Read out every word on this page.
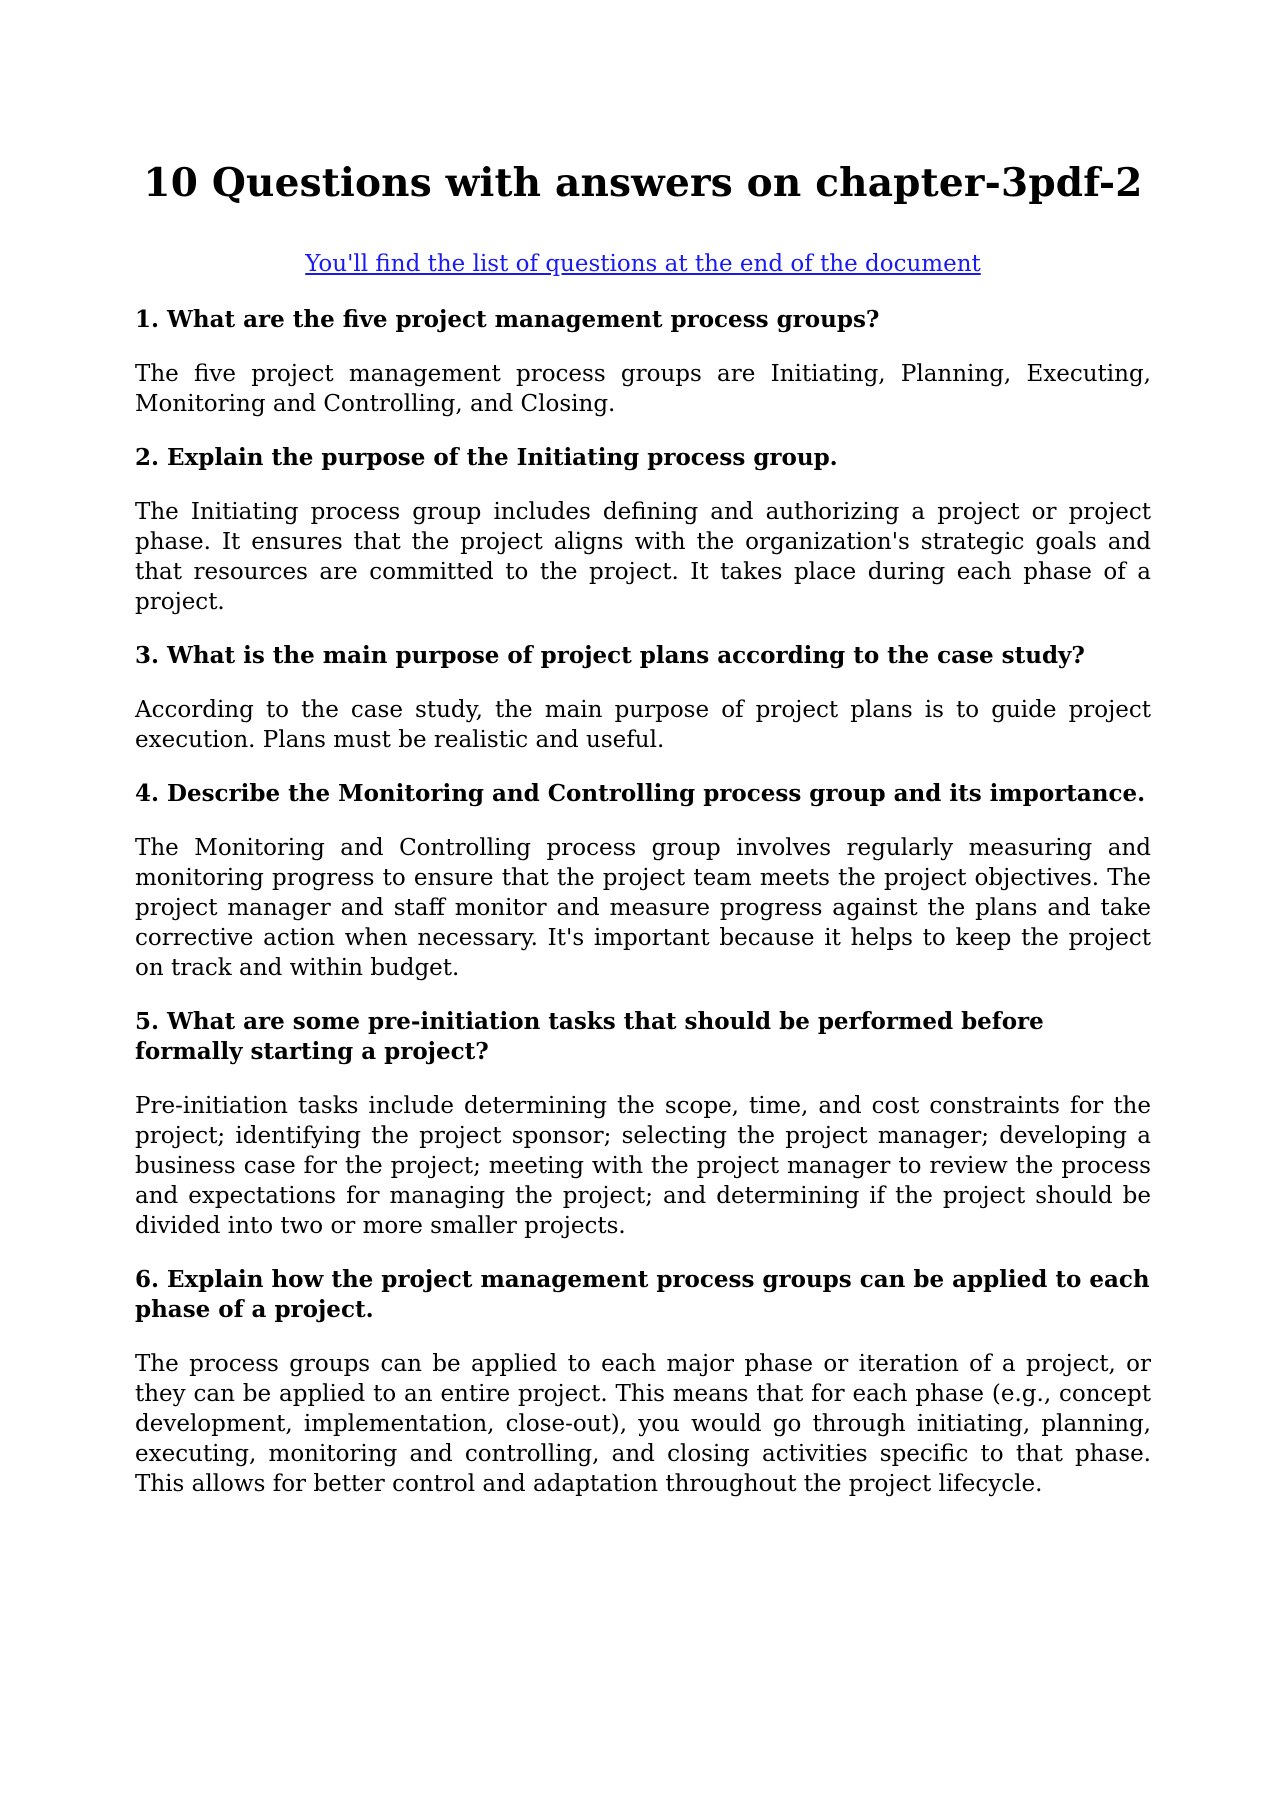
10 Questions with answers on chapter-3pdf-2
You'll find the list of questions at the end of the document

1. What are the five project management process groups?

The five project management process groups are Initiating, Planning, Executing, Monitoring and Controlling, and Closing.

2. Explain the purpose of the Initiating process group.

The Initiating process group includes defining and authorizing a project or project phase. It ensures that the project aligns with the organization's strategic goals and that resources are committed to the project. It takes place during each phase of a project.

3. What is the main purpose of project plans according to the case study?

According to the case study, the main purpose of project plans is to guide project execution. Plans must be realistic and useful.

4. Describe the Monitoring and Controlling process group and its importance.

The Monitoring and Controlling process group involves regularly measuring and monitoring progress to ensure that the project team meets the project objectives. The project manager and staff monitor and measure progress against the plans and take corrective action when necessary. It's important because it helps to keep the project on track and within budget.

5. What are some pre-initiation tasks that should be performed before formally starting a project?

Pre-initiation tasks include determining the scope, time, and cost constraints for the project; identifying the project sponsor; selecting the project manager; developing a business case for the project; meeting with the project manager to review the process and expectations for managing the project; and determining if the project should be divided into two or more smaller projects.

6. Explain how the project management process groups can be applied to each phase of a project.

The process groups can be applied to each major phase or iteration of a project, or they can be applied to an entire project. This means that for each phase (e.g., concept development, implementation, close-out), you would go through initiating, planning, executing, monitoring and controlling, and closing activities specific to that phase. This allows for better control and adaptation throughout the project lifecycle.
